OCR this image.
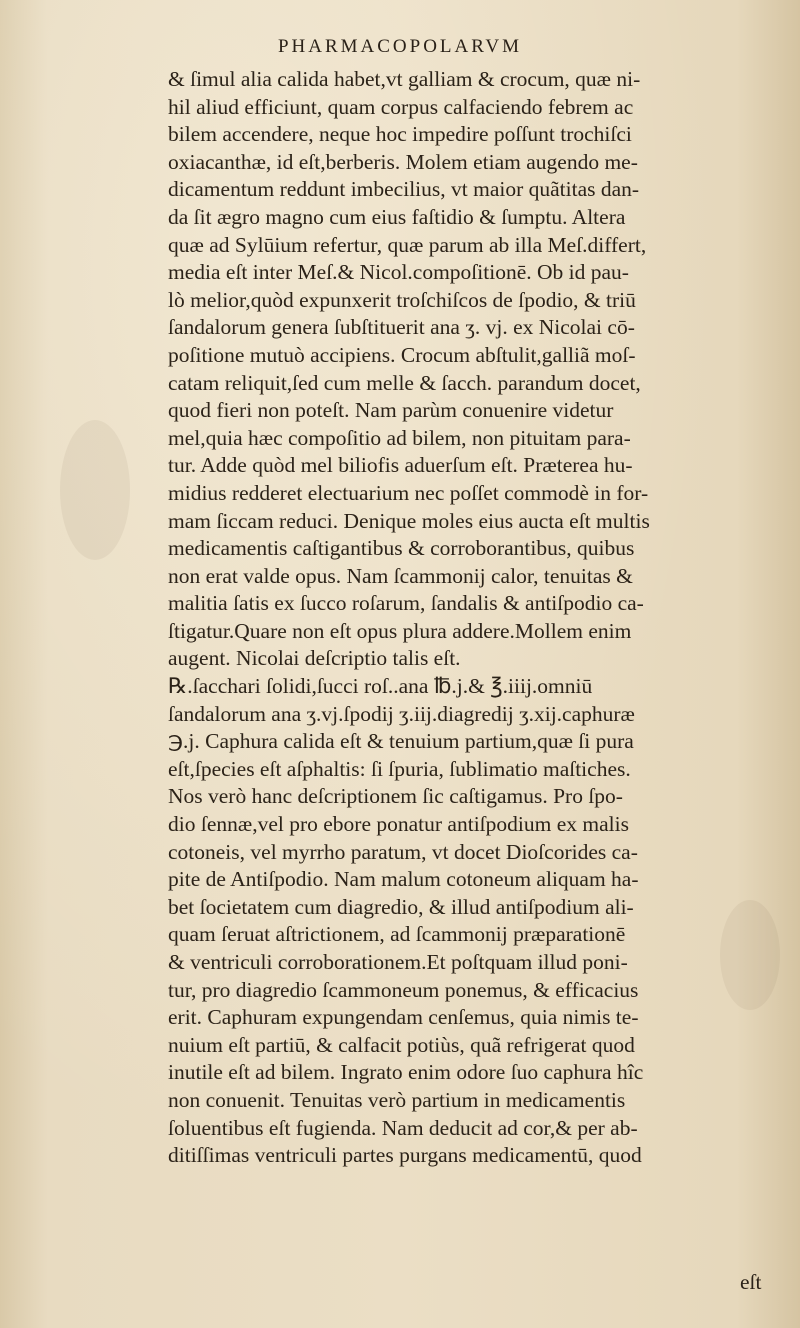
PHARMACOPOLARVM
& ſimul alia calida habet,vt galliam & crocum, quæ ni-
hil aliud efficiunt, quam corpus calfaciendo febrem ac
bilem accendere, neque hoc impedire poſſunt trochiſci
oxiacanthæ, id eſt,berberis. Molem etiam augendo me-
dicamentum reddunt imbecilius, vt maior quãtitas dan-
da ſit ægro magno cum eius faſtidio & ſumptu. Altera
quæ ad Sylūium refertur, quæ parum ab illa Meſ.differt,
media eſt inter Meſ.& Nicol.compoſitionē. Ob id pau-
lò melior,quòd expunxerit troſchiſcos de ſpodio, & triū
ſandalorum genera ſubſtituerit ana ʒ. vj. ex Nicolai cō-
poſitione mutuò accipiens. Crocum abſtulit,galliã moſ-
catam reliquit,ſed cum melle & ſacch. parandum docet,
quod fieri non poteſt. Nam parùm conuenire videtur
mel,quia hæc compoſitio ad bilem, non pituitam para-
tur. Adde quòd mel biliofis aduerſum eſt. Præterea hu-
midius redderet electuarium nec poſſet commodè in for-
mam ſiccam reduci. Denique moles eius aucta eſt multis
medicamentis caſtigantibus & corroborantibus, quibus
non erat valde opus. Nam ſcammonij calor, tenuitas &
malitia ſatis ex ſucco roſarum, ſandalis & antiſpodio ca-
ſtigatur.Quare non eſt opus plura addere.Mollem enim
augent. Nicolai deſcriptio talis eſt.
℞.ſacchari ſolidi,ſucci roſ..ana ℔.j.& ℥.iiij.omniū
ſandalorum ana ʒ.vj.ſpodij ʒ.iij.diagredij ʒ.xij.caphuræ
℈.j. Caphura calida eſt & tenuium partium,quæ ſi pura
eſt,ſpecies eſt aſphaltis: ſi ſpuria, ſublimatio maſtiches.
Nos verò hanc deſcriptionem ſic caſtigamus. Pro ſpo-
dio ſennæ,vel pro ebore ponatur antiſpodium ex malis
cotoneis, vel myrrho paratum, vt docet Dioſcorides ca-
pite de Antiſpodio. Nam malum cotoneum aliquam ha-
bet ſocietatem cum diagredio, & illud antiſpodium ali-
quam ſeruat aſtrictionem, ad ſcammonij præparationē
& ventriculi corroborationem.Et poſtquam illud poni-
tur, pro diagredio ſcammoneum ponemus, & efficacius
erit. Caphuram expungendam cenſemus, quia nimis te-
nuium eſt partiū, & calfacit potiùs, quã refrigerat quod
inutile eſt ad bilem. Ingrato enim odore ſuo caphura hîc
non conuenit. Tenuitas verò partium in medicamentis
ſoluentibus eſt fugienda. Nam deducit ad cor,& per ab-
ditiſſimas ventriculi partes purgans medicamentū, quod
eſt
